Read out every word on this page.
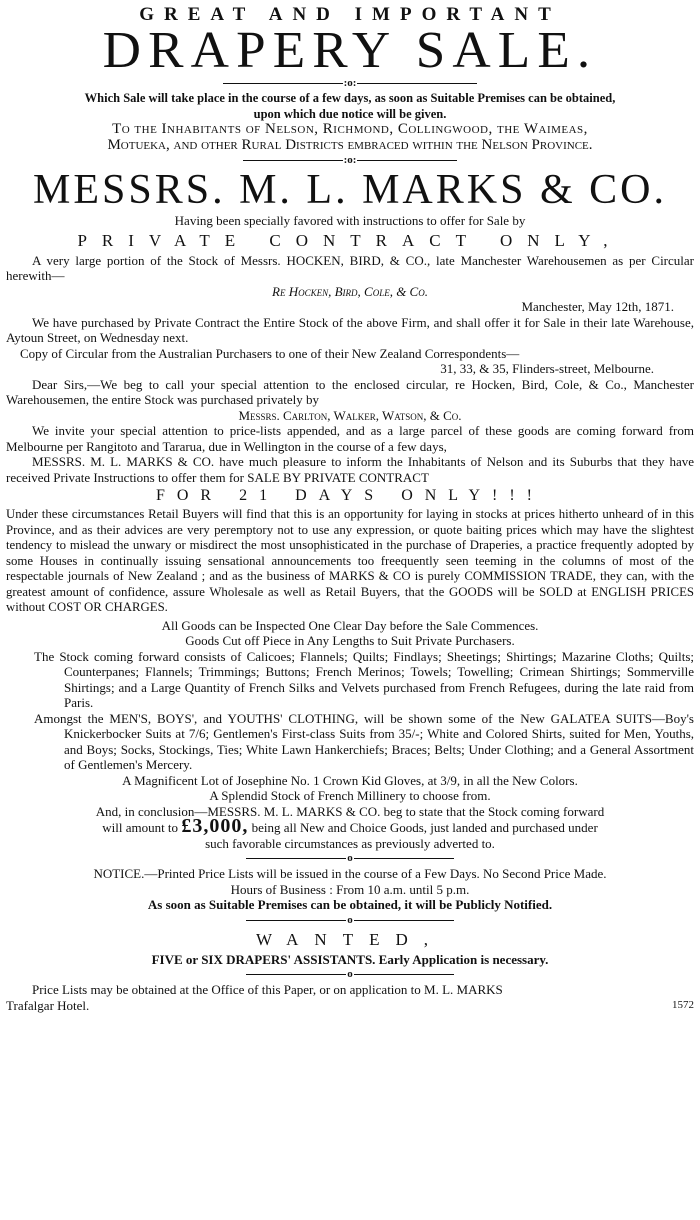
GREAT AND IMPORTANT
DRAPERY SALE.
:o:

Which Sale will take place in the course of a few days, as soon as Suitable Premises can be obtained,

upon which due notice will be given.

To the Inhabitants of Nelson, Richmond, Collingwood, the Waimeas,

Motueka, and other Rural Districts embraced within the Nelson Province.

:o:
MESSRS. M. L. MARKS & CO.

Having been specially favored with instructions to offer for Sale by

PRIVATE CONTRACT ONLY,

A very large portion of the Stock of Messrs. HOCKEN, BIRD, & CO., late Manchester Warehousemen as per Circular herewith—

Re Hocken, Bird, Cole, & Co.

Manchester, May 12th, 1871.

We have purchased by Private Contract the Entire Stock of the above Firm, and shall offer it for Sale in their late Warehouse, Aytoun Street, on Wednesday next.

Copy of Circular from the Australian Purchasers to one of their New Zealand Correspondents—

31, 33, & 35, Flinders-street, Melbourne.

Dear Sirs,—We beg to call your special attention to the enclosed circular, re Hocken, Bird, Cole, & Co., Manchester Warehousemen, the entire Stock was purchased privately by

Messrs. Carlton, Walker, Watson, & Co.

We invite your special attention to price-lists appended, and as a large parcel of these goods are coming forward from Melbourne per Rangitoto and Tararua, due in Wellington in the course of a few days,

MESSRS. M. L. MARKS & CO. have much pleasure to inform the Inhabitants of Nelson and its Suburbs that they have received Private Instructions to offer them for SALE BY PRIVATE CONTRACT

FOR 21 DAYS ONLY!!!

Under these circumstances Retail Buyers will find that this is an opportunity for laying in stocks at prices hitherto unheard of in this Province, and as their advices are very peremptory not to use any expression, or quote baiting prices which may have the slightest tendency to mislead the unwary or misdirect the most unsophisticated in the purchase of Draperies, a practice frequently adopted by some Houses in continually issuing sensational announcements too freequently seen teeming in the columns of most of the respectable journals of New Zealand ; and as the business of MARKS & CO is purely COMMISSION TRADE, they can, with the greatest amount of confidence, assure Wholesale as well as Retail Buyers, that the GOODS will be SOLD at ENGLISH PRICES without COST OR CHARGES.

All Goods can be Inspected One Clear Day before the Sale Commences.

Goods Cut off Piece in Any Lengths to Suit Private Purchasers.

The Stock coming forward consists of Calicoes; Flannels; Quilts; Findlays; Sheetings; Shirtings; Mazarine Cloths; Quilts; Counterpanes; Flannels; Trimmings; Buttons; French Merinos; Towels; Towelling; Crimean Shirtings; Sommerville Shirtings; and a Large Quantity of French Silks and Velvets purchased from French Refugees, during the late raid from Paris.

Amongst the MEN'S, BOYS', and YOUTHS' CLOTHING, will be shown some of the New GALATEA SUITS—Boy's Knickerbocker Suits at 7/6; Gentlemen's First-class Suits from 35/-; White and Colored Shirts, suited for Men, Youths, and Boys; Socks, Stockings, Ties; White Lawn Hankerchiefs; Braces; Belts; Under Clothing; and a General Assortment of Gentlemen's Mercery.

A Magnificent Lot of Josephine No. 1 Crown Kid Gloves, at 3/9, in all the New Colors.

A Splendid Stock of French Millinery to choose from.

And, in conclusion—MESSRS. M. L. MARKS & CO. beg to state that the Stock coming forward

will amount to £3,000, being all New and Choice Goods, just landed and purchased under

such favorable circumstances as previously adverted to.

o

NOTICE.—Printed Price Lists will be issued in the course of a Few Days. No Second Price Made.

Hours of Business : From 10 a.m. until 5 p.m.

As soon as Suitable Premises can be obtained, it will be Publicly Notified.

o

WANTED,

FIVE or SIX DRAPERS' ASSISTANTS. Early Application is necessary.

o

Price Lists may be obtained at the Office of this Paper, or on application to M. L. MARKS

Trafalgar Hotel.	1572
